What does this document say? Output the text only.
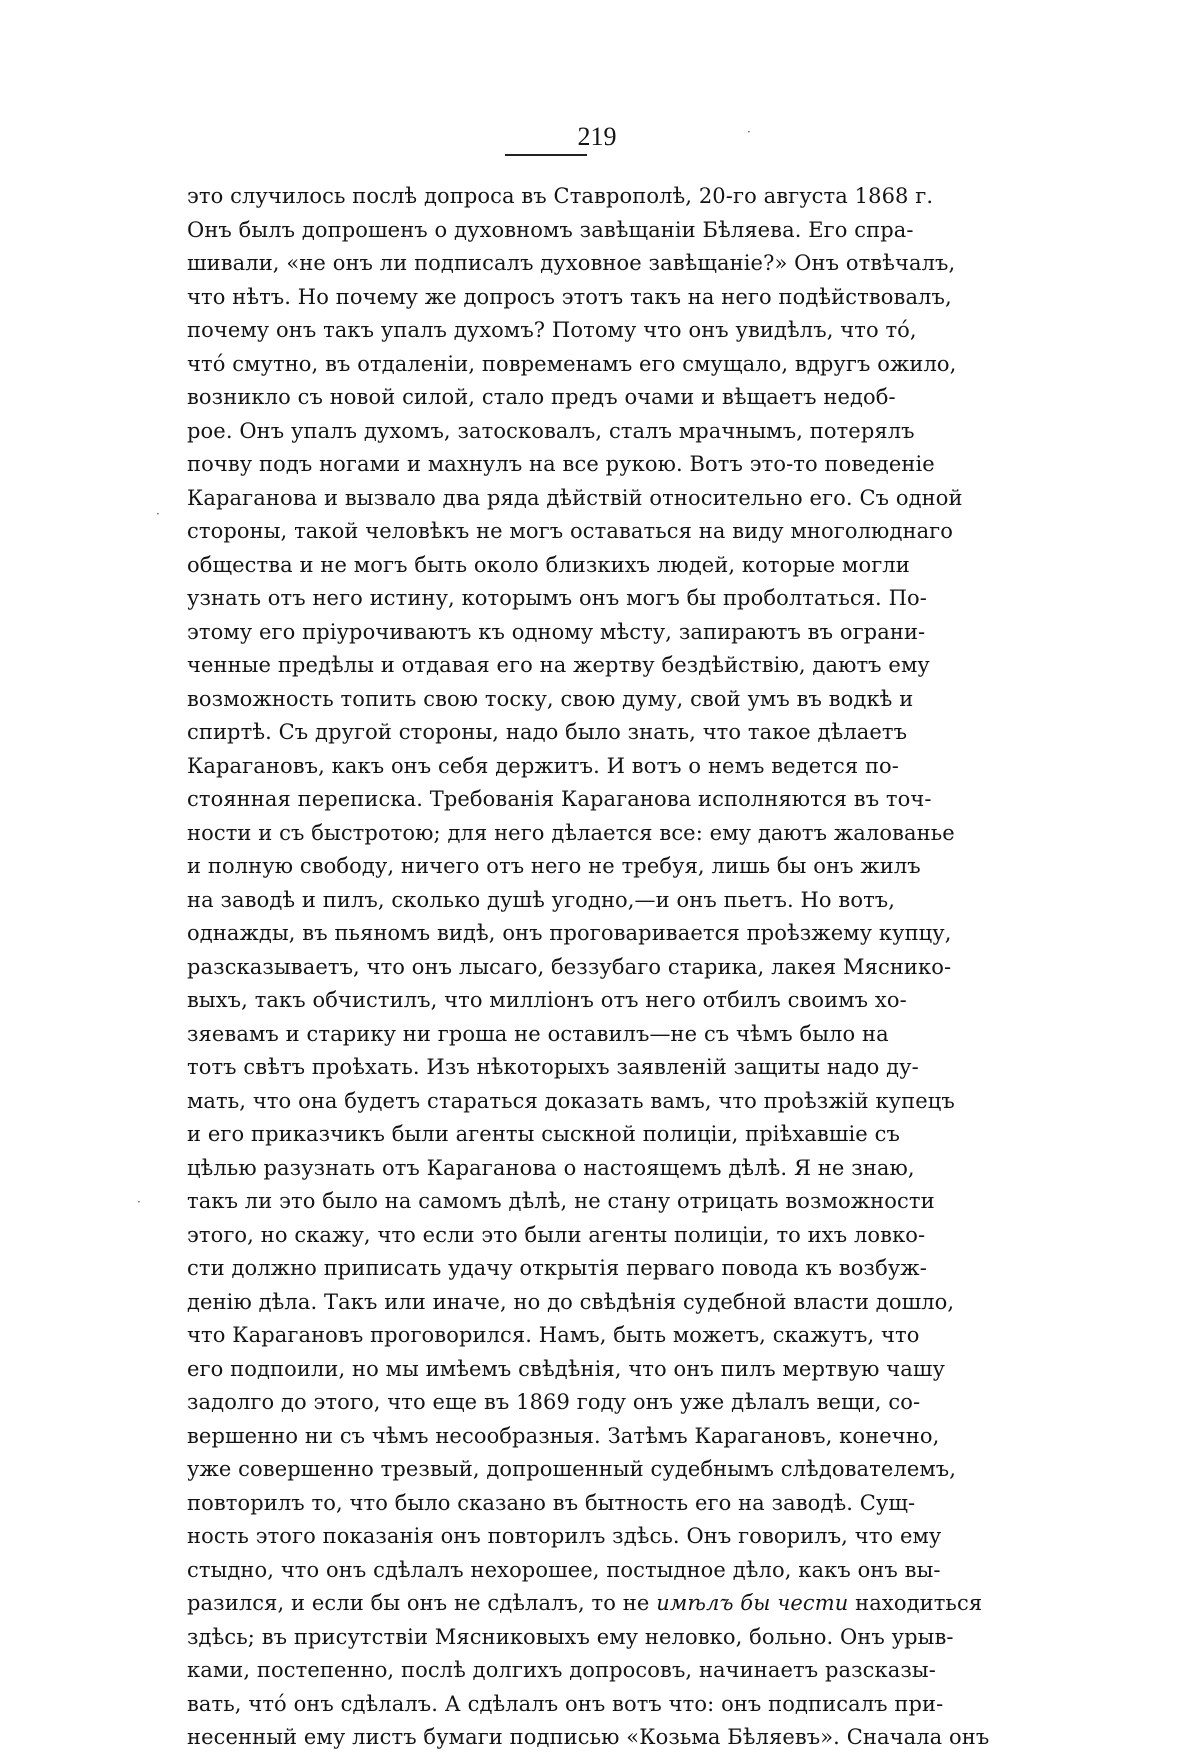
219
это случилось послѣ допроса въ Ставрополѣ, 20-го августа 1868 г.
Онъ былъ допрошенъ о духовномъ завѣщаніи Бѣляева. Его спра-
шивали, «не онъ ли подписалъ духовное завѣщаніе?» Онъ отвѣчалъ,
что нѣтъ. Но почему же допросъ этотъ такъ на него подѣйствовалъ,
почему онъ такъ упалъ духомъ? Потому что онъ увидѣлъ, что то́,
что́ смутно, въ отдаленіи, повременамъ его смущало, вдругъ ожило,
возникло съ новой силой, стало предъ очами и вѣщаетъ недоб-
рое. Онъ упалъ духомъ, затосковалъ, сталъ мрачнымъ, потерялъ
почву подъ ногами и махнулъ на все рукою. Вотъ это-то поведеніе
Караганова и вызвало два ряда дѣйствій относительно его. Съ одной
стороны, такой человѣкъ не могъ оставаться на виду многолюднаго
общества и не могъ быть около близкихъ людей, которые могли
узнать отъ него истину, которымъ онъ могъ бы проболтаться. По-
этому его пріурочиваютъ къ одному мѣсту, запираютъ въ ограни-
ченные предѣлы и отдавая его на жертву бездѣйствію, даютъ ему
возможность топить свою тоску, свою думу, свой умъ въ водкѣ и
спиртѣ. Съ другой стороны, надо было знать, что такое дѣлаетъ
Карагановъ, какъ онъ себя держитъ. И вотъ о немъ ведется по-
стоянная переписка. Требованія Караганова исполняются въ точ-
ности и съ быстротою; для него дѣлается все: ему даютъ жалованье
и полную свободу, ничего отъ него не требуя, лишь бы онъ жилъ
на заводѣ и пилъ, сколько душѣ угодно,—и онъ пьетъ. Но вотъ,
однажды, въ пьяномъ видѣ, онъ проговаривается проѣзжему купцу,
разсказываетъ, что онъ лысаго, беззубаго старика, лакея Мяснико-
выхъ, такъ обчистилъ, что милліонъ отъ него отбилъ своимъ хо-
зяевамъ и старику ни гроша не оставилъ—не съ чѣмъ было на
тотъ свѣтъ проѣхать. Изъ нѣкоторыхъ заявленій защиты надо ду-
мать, что она будетъ стараться доказать вамъ, что проѣзжій купецъ
и его приказчикъ были агенты сыскной полиціи, пріѣхавшіе съ
цѣлью разузнать отъ Караганова о настоящемъ дѣлѣ. Я не знаю,
такъ ли это было на самомъ дѣлѣ, не стану отрицать возможности
этого, но скажу, что если это были агенты полиціи, то ихъ ловко-
сти должно приписать удачу открытія перваго повода къ возбуж-
денію дѣла. Такъ или иначе, но до свѣдѣнія судебной власти дошло,
что Карагановъ проговорился. Намъ, быть можетъ, скажутъ, что
его подпоили, но мы имѣемъ свѣдѣнія, что онъ пилъ мертвую чашу
задолго до этого, что еще въ 1869 году онъ уже дѣлалъ вещи, со-
вершенно ни съ чѣмъ несообразныя. Затѣмъ Карагановъ, конечно,
уже совершенно трезвый, допрошенный судебнымъ слѣдователемъ,
повторилъ то, что было сказано въ бытность его на заводѣ. Сущ-
ность этого показанія онъ повторилъ здѣсь. Онъ говорилъ, что ему
стыдно, что онъ сдѣлалъ нехорошее, постыдное дѣло, какъ онъ вы-
разился, и если бы онъ не сдѣлалъ, то не имѣлъ бы чести находиться
здѣсь; въ присутствіи Мясниковыхъ ему неловко, больно. Онъ урыв-
ками, постепенно, послѣ долгихъ допросовъ, начинаетъ разсказы-
вать, что́ онъ сдѣлалъ. А сдѣлалъ онъ вотъ что: онъ подписалъ при-
несенный ему листъ бумаги подписью «Козьма Бѣляевъ». Сначала онъ
·
·
·
